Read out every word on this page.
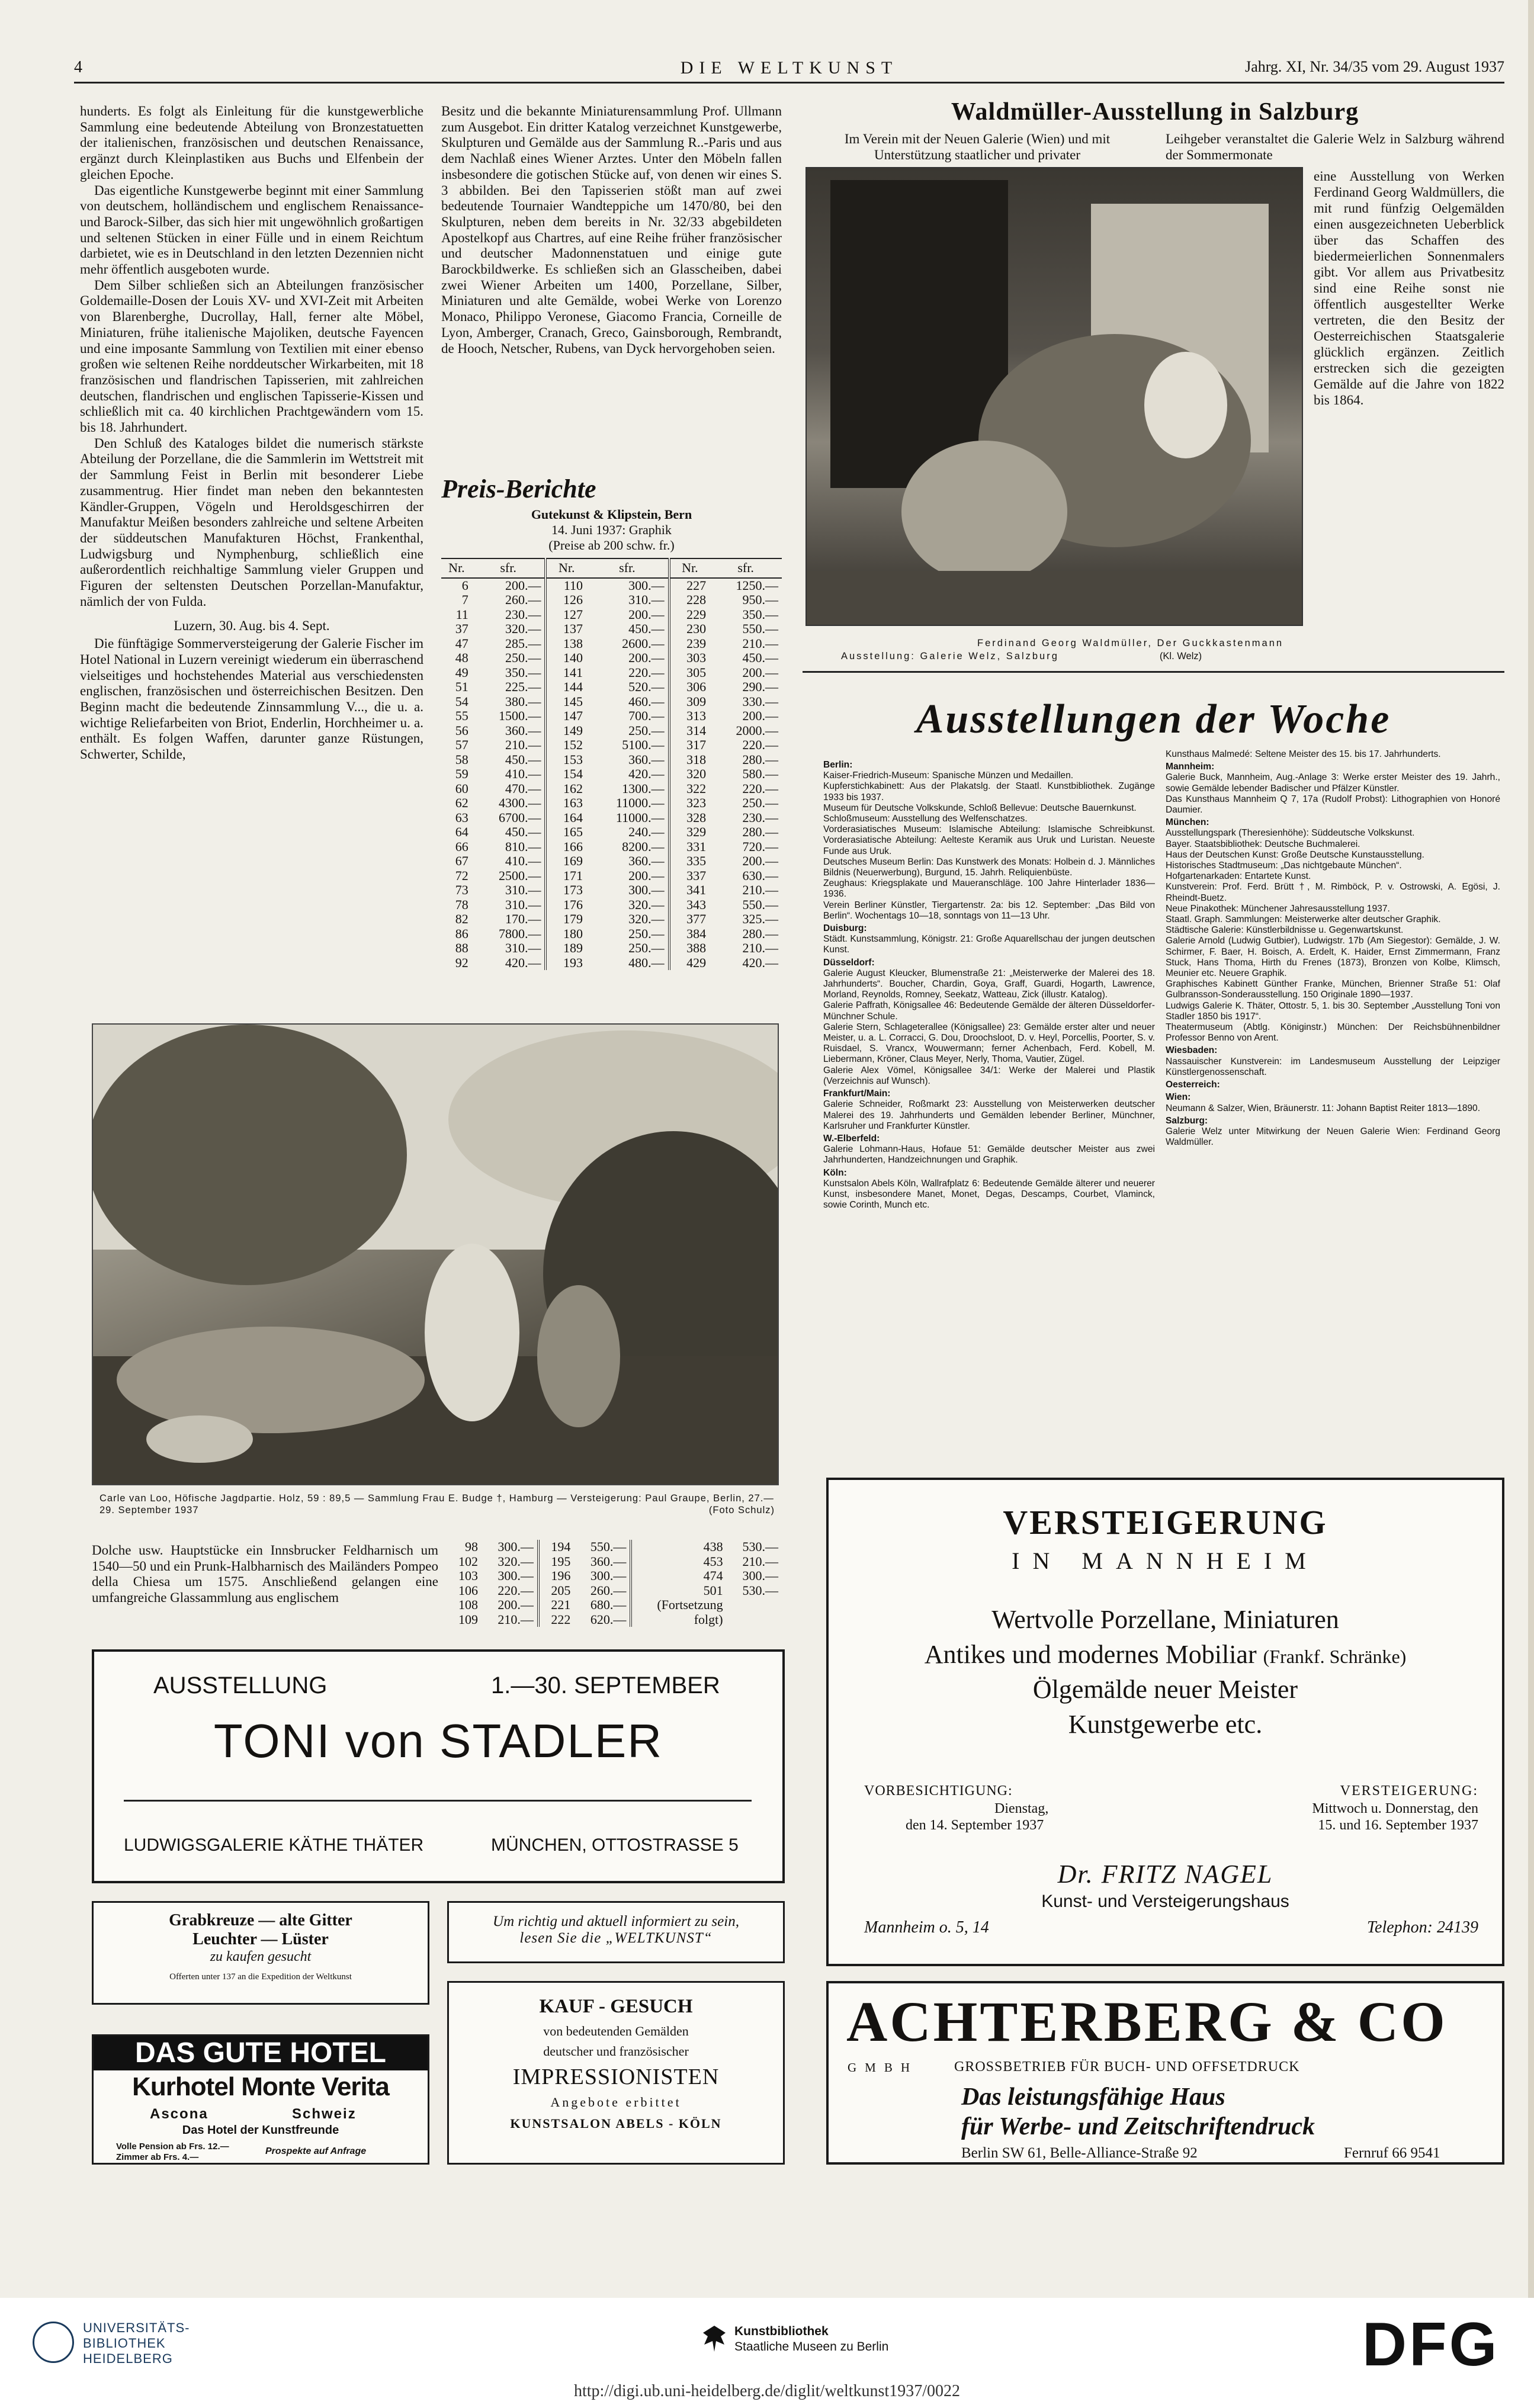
4	DIE WELTKUNST	Jahrg. XI, Nr. 34/35 vom 29. August 1937

hunderts. Es folgt als Einleitung für die kunstgewerbliche Sammlung eine bedeutende Abteilung von Bronzestatuetten der italienischen, französischen und deutschen Renaissance, ergänzt durch Kleinplastiken aus Buchs und Elfenbein der gleichen Epoche.

Das eigentliche Kunstgewerbe beginnt mit einer Sammlung von deutschem, holländischem und englischem Renaissance- und Barock-Silber, das sich hier mit ungewöhnlich großartigen und seltenen Stücken in einer Fülle und in einem Reichtum darbietet, wie es in Deutschland in den letzten Dezennien nicht mehr öffentlich ausgeboten wurde.

Dem Silber schließen sich an Abteilungen französischer Goldemaille-Dosen der Louis XV- und XVI-Zeit mit Arbeiten von Blarenberghe, Ducrollay, Hall, ferner alte Möbel, Miniaturen, frühe italienische Majoliken, deutsche Fayencen und eine imposante Sammlung von Textilien mit einer ebenso großen wie seltenen Reihe norddeutscher Wirkarbeiten, mit 18 französischen und flandrischen Tapisserien, mit zahlreichen deutschen, flandrischen und englischen Tapisserie-Kissen und schließlich mit ca. 40 kirchlichen Prachtgewändern vom 15. bis 18. Jahrhundert.

Den Schluß des Kataloges bildet die numerisch stärkste Abteilung der Porzellane, die die Sammlerin im Wettstreit mit der Sammlung Feist in Berlin mit besonderer Liebe zusammentrug. Hier findet man neben den bekanntesten Kändler-Gruppen, Vögeln und Heroldsgeschirren der Manufaktur Meißen besonders zahlreiche und seltene Arbeiten der süddeutschen Manufakturen Höchst, Frankenthal, Ludwigsburg und Nymphenburg, schließlich eine außerordentlich reichhaltige Sammlung vieler Gruppen und Figuren der seltensten Deutschen Porzellan-Manufaktur, nämlich der von Fulda.

Luzern, 30. Aug. bis 4. Sept.

Die fünftägige Sommerversteigerung der Galerie Fischer im Hotel National in Luzern vereinigt wiederum ein überraschend vielseitiges und hochstehendes Material aus verschiedensten englischen, französischen und österreichischen Besitzen. Den Beginn macht die bedeutende Zinnsammlung V..., die u. a. wichtige Reliefarbeiten von Briot, Enderlin, Horchheimer u. a. enthält. Es folgen Waffen, darunter ganze Rüstungen, Schwerter, Schilde,

Besitz und die bekannte Miniaturensammlung Prof. Ullmann zum Ausgebot. Ein dritter Katalog verzeichnet Kunstgewerbe, Skulpturen und Gemälde aus der Sammlung R..-Paris und aus dem Nachlaß eines Wiener Arztes. Unter den Möbeln fallen insbesondere die gotischen Stücke auf, von denen wir eines S. 3 abbilden. Bei den Tapisserien stößt man auf zwei bedeutende Tournaier Wandteppiche um 1470/80, bei den Skulpturen, neben dem bereits in Nr. 32/33 abgebildeten Apostelkopf aus Chartres, auf eine Reihe früher französischer und deutscher Madonnenstatuen und einige gute Barockbildwerke. Es schließen sich an Glasscheiben, dabei zwei Wiener Arbeiten um 1400, Porzellane, Silber, Miniaturen und alte Gemälde, wobei Werke von Lorenzo Monaco, Philippo Veronese, Giacomo Francia, Corneille de Lyon, Amberger, Cranach, Greco, Gainsborough, Rembrandt, de Hooch, Netscher, Rubens, van Dyck hervorgehoben seien.

Preis-Berichte
Gutekunst & Klipstein, Bern
14. Juni 1937: Graphik
(Preise ab 200 schw. fr.)
Nr.	sfr.	Nr.	sfr.	Nr.	sfr.
6	200.—	110	300.—	227	1250.—
7	260.—	126	310.—	228	950.—
11	230.—	127	200.—	229	350.—
37	320.—	137	450.—	230	550.—
47	285.—	138	2600.—	239	210.—
48	250.—	140	200.—	303	450.—
49	350.—	141	220.—	305	200.—
51	225.—	144	520.—	306	290.—
54	380.—	145	460.—	309	330.—
55	1500.—	147	700.—	313	200.—
56	360.—	149	250.—	314	2000.—
57	210.—	152	5100.—	317	220.—
58	450.—	153	360.—	318	280.—
59	410.—	154	420.—	320	580.—
60	470.—	162	1300.—	322	220.—
62	4300.—	163	11000.—	323	250.—
63	6700.—	164	11000.—	328	230.—
64	450.—	165	240.—	329	280.—
66	810.—	166	8200.—	331	720.—
67	410.—	169	360.—	335	200.—
72	2500.—	171	200.—	337	630.—
73	310.—	173	300.—	341	210.—
78	310.—	176	320.—	343	550.—
82	170.—	179	320.—	377	325.—
86	7800.—	180	250.—	384	280.—
88	310.—	189	250.—	388	210.—
92	420.—	193	480.—	429	420.—
Carle van Loo, Höfische Jagdpartie. Holz, 59 : 89,5 — Sammlung Frau E. Budge †, Hamburg — Versteigerung: Paul Graupe, Berlin, 27.—29. September 1937	(Foto Schulz)

Dolche usw. Hauptstücke ein Innsbrucker Feldharnisch um 1540—50 und ein Prunk-Halbharnisch des Mailänders Pompeo della Chiesa um 1575. Anschließend gelangen eine umfangreiche Glassammlung aus englischem

98	300.—	194	550.—	438	530.—
102	320.—	195	360.—	453	210.—
103	300.—	196	300.—	474	300.—
106	220.—	205	260.—	501	530.—
108	200.—	221	680.—	(Fortsetzung	
109	210.—	222	620.—	folgt)	
Waldmüller-Ausstellung in Salzburg

Im Verein mit der Neuen Galerie (Wien) und mit Unterstützung staatlicher und privater

Leihgeber veranstaltet die Galerie Welz in Salzburg während der Sommermonate

eine Ausstellung von Werken Ferdinand Georg Waldmüllers, die mit rund fünfzig Oelgemälden einen ausgezeichneten Ueberblick über das Schaffen des biedermeierlichen Sonnenmalers gibt. Vor allem aus Privatbesitz sind eine Reihe sonst nie öffentlich ausgestellter Werke vertreten, die den Besitz der Oesterreichischen Staatsgalerie glücklich ergänzen. Zeitlich erstrecken sich die gezeigten Gemälde auf die Jahre von 1822 bis 1864.

Ferdinand Georg Waldmüller, Der Guckkastenmann
Ausstellung: Galerie Welz, Salzburg	(Kl. Welz)
Ausstellungen der Woche

Berlin:

Kaiser-Friedrich-Museum: Spanische Münzen und Medaillen.

Kupferstichkabinett: Aus der Plakatslg. der Staatl. Kunstbibliothek. Zugänge 1933 bis 1937.

Museum für Deutsche Volkskunde, Schloß Bellevue: Deutsche Bauernkunst.

Schloßmuseum: Ausstellung des Welfenschatzes.

Vorderasiatisches Museum: Islamische Abteilung: Islamische Schreibkunst. Vorderasiatische Abteilung: Aelteste Keramik aus Uruk und Luristan. Neueste Funde aus Uruk.

Deutsches Museum Berlin: Das Kunstwerk des Monats: Holbein d. J. Männliches Bildnis (Neuerwerbung), Burgund, 15. Jahrh. Reliquienbüste.

Zeughaus: Kriegsplakate und Maueranschläge. 100 Jahre Hinterlader 1836—1936.

Verein Berliner Künstler, Tiergartenstr. 2a: bis 12. September: „Das Bild von Berlin“. Wochentags 10—18, sonntags von 11—13 Uhr.

Duisburg:

Städt. Kunstsammlung, Königstr. 21: Große Aquarellschau der jungen deutschen Kunst.

Düsseldorf:

Galerie August Kleucker, Blumenstraße 21: „Meisterwerke der Malerei des 18. Jahrhunderts“. Boucher, Chardin, Goya, Graff, Guardi, Hogarth, Lawrence, Morland, Reynolds, Romney, Seekatz, Watteau, Zick (illustr. Katalog).

Galerie Paffrath, Königsallee 46: Bedeutende Gemälde der älteren Düsseldorfer-Münchner Schule.

Galerie Stern, Schlageterallee (Königsallee) 23: Gemälde erster alter und neuer Meister, u. a. L. Corracci, G. Dou, Droochsloot, D. v. Heyl, Porcellis, Poorter, S. v. Ruisdael, S. Vrancx, Wouwermann; ferner Achenbach, Ferd. Kobell, M. Liebermann, Kröner, Claus Meyer, Nerly, Thoma, Vautier, Zügel.

Galerie Alex Vömel, Königsallee 34/1: Werke der Malerei und Plastik (Verzeichnis auf Wunsch).

Frankfurt/Main:

Galerie Schneider, Roßmarkt 23: Ausstellung von Meisterwerken deutscher Malerei des 19. Jahrhunderts und Gemälden lebender Berliner, Münchner, Karlsruher und Frankfurter Künstler.

W.-Elberfeld:

Galerie Lohmann-Haus, Hofaue 51: Gemälde deutscher Meister aus zwei Jahrhunderten, Handzeichnungen und Graphik.

Köln:

Kunstsalon Abels Köln, Wallrafplatz 6: Bedeutende Gemälde älterer und neuerer Kunst, insbesondere Manet, Monet, Degas, Descamps, Courbet, Vlaminck, sowie Corinth, Munch etc.

Kunsthaus Malmedé: Seltene Meister des 15. bis 17. Jahrhunderts.

Mannheim:

Galerie Buck, Mannheim, Aug.-Anlage 3: Werke erster Meister des 19. Jahrh., sowie Gemälde lebender Badischer und Pfälzer Künstler.

Das Kunsthaus Mannheim Q 7, 17a (Rudolf Probst): Lithographien von Honoré Daumier.

München:

Ausstellungspark (Theresienhöhe): Süddeutsche Volkskunst.

Bayer. Staatsbibliothek: Deutsche Buchmalerei.

Haus der Deutschen Kunst: Große Deutsche Kunstausstellung.

Historisches Stadtmuseum: „Das nichtgebaute München“.

Hofgartenarkaden: Entartete Kunst.

Kunstverein: Prof. Ferd. Brütt †, M. Rimböck, P. v. Ostrowski, A. Egösi, J. Rheindt-Buetz.

Neue Pinakothek: Münchener Jahresausstellung 1937.

Staatl. Graph. Sammlungen: Meisterwerke alter deutscher Graphik.

Städtische Galerie: Künstlerbildnisse u. Gegenwartskunst.

Galerie Arnold (Ludwig Gutbier), Ludwigstr. 17b (Am Siegestor): Gemälde, J. W. Schirmer, F. Baer, H. Boisch, A. Erdelt, K. Haider, Ernst Zimmermann, Franz Stuck, Hans Thoma, Hirth du Frenes (1873), Bronzen von Kolbe, Klimsch, Meunier etc. Neuere Graphik.

Graphisches Kabinett Günther Franke, München, Brienner Straße 51: Olaf Gulbransson-Sonderausstellung. 150 Originale 1890—1937.

Ludwigs Galerie K. Thäter, Ottostr. 5, 1. bis 30. September „Ausstellung Toni von Stadler 1850 bis 1917“.

Theatermuseum (Abtlg. Königinstr.) München: Der Reichsbühnenbildner Professor Benno von Arent.

Wiesbaden:

Nassauischer Kunstverein: im Landesmuseum Ausstellung der Leipziger Künstlergenossenschaft.

Oesterreich:

Wien:

Neumann & Salzer, Wien, Bräunerstr. 11: Johann Baptist Reiter 1813—1890.

Salzburg:

Galerie Welz unter Mitwirkung der Neuen Galerie Wien: Ferdinand Georg Waldmüller.

AUSSTELLUNG	1.—30. SEPTEMBER
TONI von STADLER
LUDWIGSGALERIE KÄTHE THÄTER	MÜNCHEN, OTTOSTRASSE 5
Grabkreuze — alte Gitter
Leuchter — Lüster
zu kaufen gesucht
Offerten unter 137 an die Expedition der Weltkunst
Um richtig und aktuell informiert zu sein,
lesen Sie die „WELTKUNST“
DAS GUTE HOTEL
Kurhotel Monte Verita
Ascona	Schweiz
Das Hotel der Kunstfreunde
Volle Pension ab Frs. 12.—
Zimmer ab Frs. 4.—
Prospekte auf Anfrage
KAUF - GESUCH
von bedeutenden Gemälden
deutscher und französischer
IMPRESSIONISTEN
Angebote erbittet
KUNSTSALON ABELS - KÖLN
VERSTEIGERUNG
IN MANNHEIM
Wertvolle Porzellane, Miniaturen
Antikes und modernes Mobiliar (Frankf. Schränke)
Ölgemälde neuer Meister
Kunstgewerbe etc.
VORBESICHTIGUNG:
Dienstag,
den 14. September 1937
VERSTEIGERUNG:
Mittwoch u. Donnerstag, den
15. und 16. September 1937
Dr. FRITZ NAGEL
Kunst- und Versteigerungshaus
Mannheim o. 5, 14	Telephon: 24139
ACHTERBERG & CO
GMBH	GROSSBETRIEB FÜR BUCH- UND OFFSETDRUCK
Das leistungsfähige Haus
für Werbe- und Zeitschriftendruck
Berlin SW 61, Belle-Alliance-Straße 92	Fernruf 66 9541
UNIVERSITÄTS-
BIBLIOTHEK
HEIDELBERG
Kunstbibliothek
Staatliche Museen zu Berlin	DFG
http://digi.ub.uni-heidelberg.de/diglit/weltkunst1937/0022
